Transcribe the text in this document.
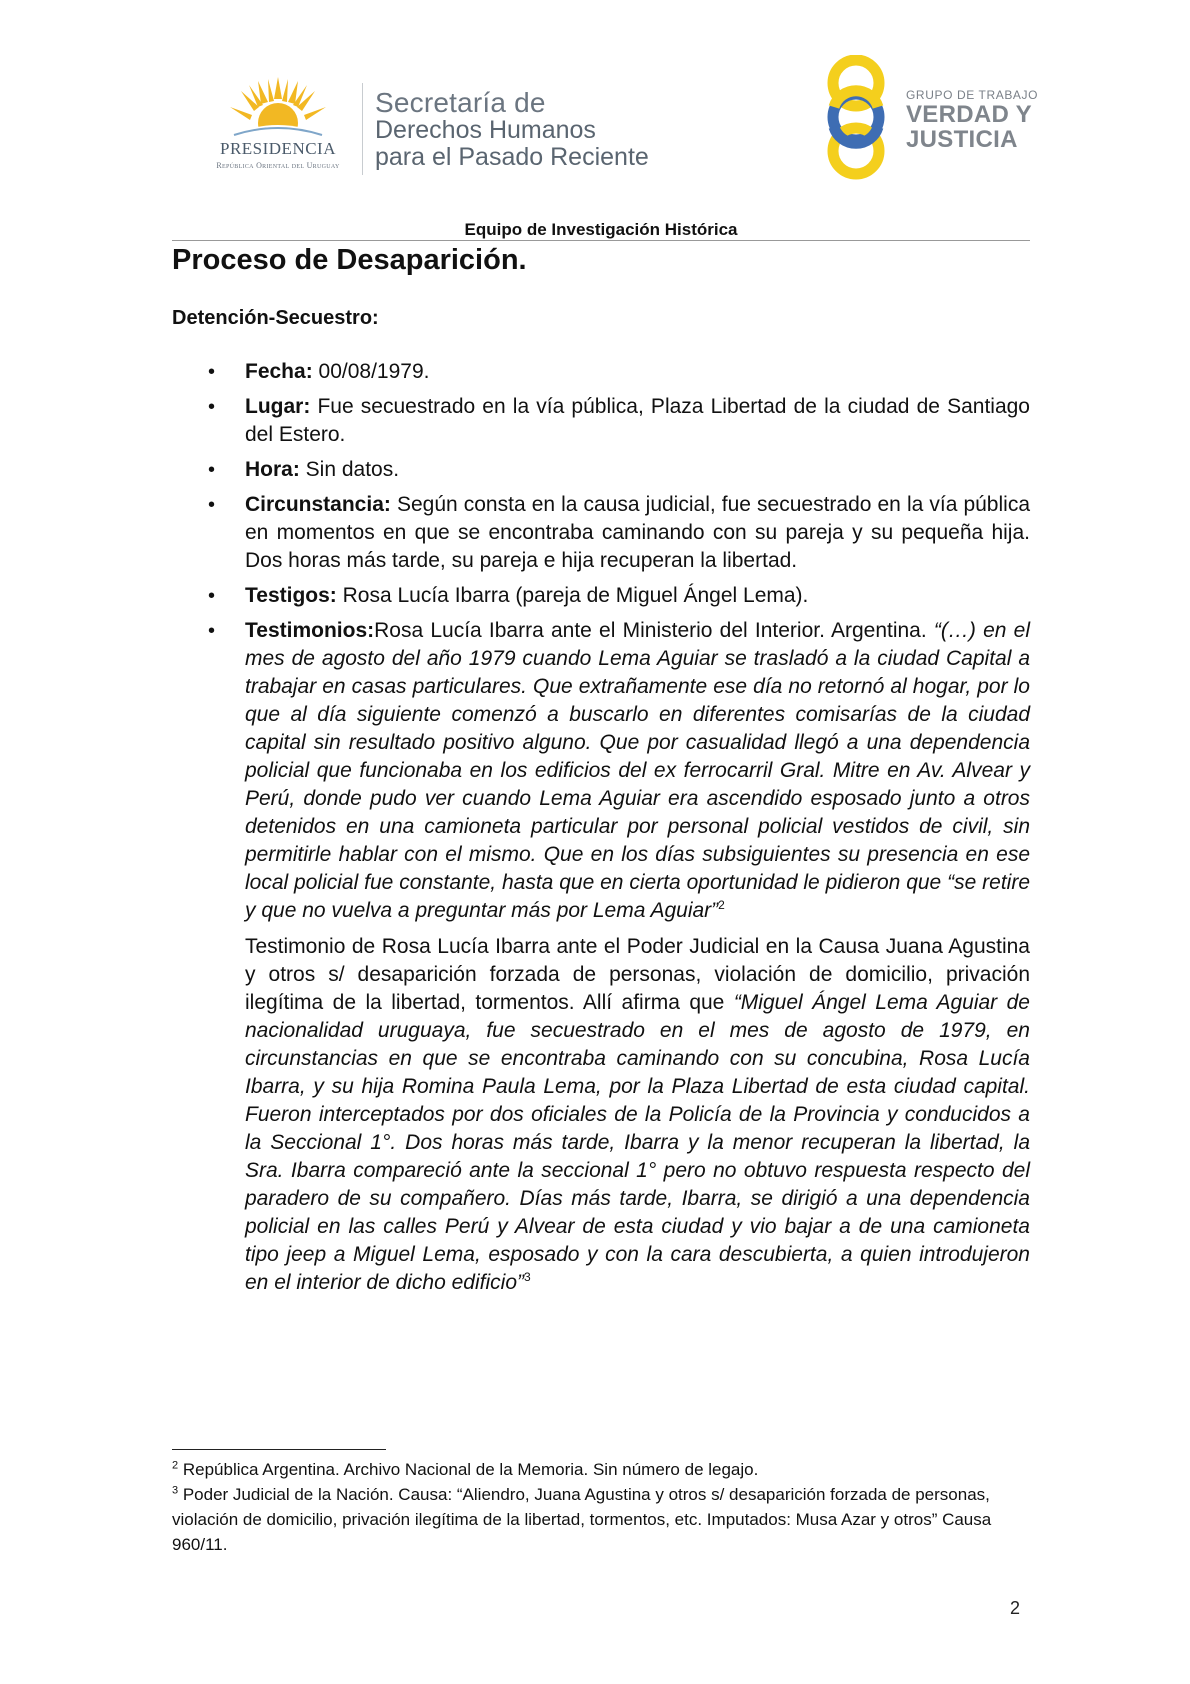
PRESIDENCIA
República Oriental del Uruguay
Secretaría de
Derechos Humanos
para el Pasado Reciente
GRUPO DE TRABAJO
VERDAD Y
JUSTICIA
Equipo de Investigación Histórica
Proceso de Desaparición.
Detención-Secuestro:
• Fecha: 00/08/1979.
• Lugar: Fue secuestrado en la vía pública, Plaza Libertad de la ciudad de Santiago del Estero.
• Hora: Sin datos.
• Circunstancia: Según consta en la causa judicial, fue secuestrado en la vía pública en momentos en que se encontraba caminando con su pareja y su pequeña hija. Dos horas más tarde, su pareja e hija recuperan la libertad.
• Testigos: Rosa Lucía Ibarra (pareja de Miguel Ángel Lema).
• Testimonios:Rosa Lucía Ibarra ante el Ministerio del Interior. Argentina. “(…) en el mes de agosto del año 1979 cuando Lema Aguiar se trasladó a la ciudad Capital a trabajar en casas particulares. Que extrañamente ese día no retornó al hogar, por lo que al día siguiente comenzó a buscarlo en diferentes comisarías de la ciudad capital sin resultado positivo alguno. Que por casualidad llegó a una dependencia policial que funcionaba en los edificios del ex ferrocarril Gral. Mitre en Av. Alvear y Perú, donde pudo ver cuando Lema Aguiar era ascendido esposado junto a otros detenidos en una camioneta particular por personal policial vestidos de civil, sin permitirle hablar con el mismo. Que en los días subsiguientes su presencia en ese local policial fue constante, hasta que en cierta oportunidad le pidieron que “se retire y que no vuelva a preguntar más por Lema Aguiar”$^2$
Testimonio de Rosa Lucía Ibarra ante el Poder Judicial en la Causa Juana Agustina y otros s/ desaparición forzada de personas, violación de domicilio, privación ilegítima de la libertad, tormentos. Allí afirma que “Miguel Ángel Lema Aguiar de nacionalidad uruguaya, fue secuestrado en el mes de agosto de 1979, en circunstancias en que se encontraba caminando con su concubina, Rosa Lucía Ibarra, y su hija Romina Paula Lema, por la Plaza Libertad de esta ciudad capital. Fueron interceptados por dos oficiales de la Policía de la Provincia y conducidos a la Seccional 1°. Dos horas más tarde, Ibarra y la menor recuperan la libertad, la Sra. Ibarra compareció ante la seccional 1° pero no obtuvo respuesta respecto del paradero de su compañero. Días más tarde, Ibarra, se dirigió a una dependencia policial en las calles Perú y Alvear de esta ciudad y vio bajar a de una camioneta tipo jeep a Miguel Lema, esposado y con la cara descubierta, a quien introdujeron en el interior de dicho edificio”$^3$

$^2$ República Argentina. Archivo Nacional de la Memoria. Sin número de legajo.

$^3$ Poder Judicial de la Nación. Causa: “Aliendro, Juana Agustina y otros s/ desaparición forzada de personas, violación de domicilio, privación ilegítima de la libertad, tormentos, etc. Imputados: Musa Azar y otros” Causa 960/11.

2
